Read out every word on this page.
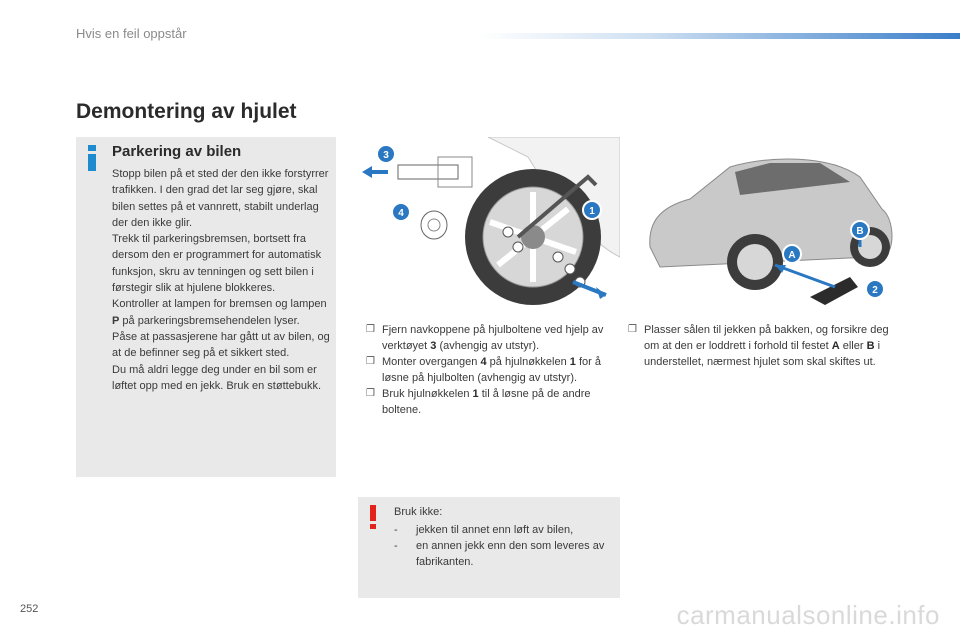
Hvis en feil oppstår
Demontering av hjulet
Parkering av bilen

Stopp bilen på et sted der den ikke forstyrrer trafikken. I den grad det lar seg gjøre, skal bilen settes på et vannrett, stabilt underlag der den ikke glir.

Trekk til parkeringsbremsen, bortsett fra dersom den er programmert for automatisk funksjon, skru av tenningen og sett bilen i førstegir slik at hjulene blokkeres.

Kontroller at lampen for bremsen og lampen P på parkeringsbremsehendelen lyser.

Påse at passasjerene har gått ut av bilen, og at de befinner seg på et sikkert sted.

Du må aldri legge deg under en bil som er løftet opp med en jekk. Bruk en støttebukk.

3
4	1
A
B
2
❒ Fjern navkoppene på hjulboltene ved hjelp av verktøyet 3 (avhengig av utstyr).
❒ Monter overgangen 4 på hjulnøkkelen 1 for å løsne på hjulbolten (avhengig av utstyr).
❒ Bruk hjulnøkkelen 1 til å løsne på de andre boltene.
❒ Plasser sålen til jekken på bakken, og forsikre deg om at den er loddrett i forhold til festet A eller B i understellet, nærmest hjulet som skal skiftes ut.

Bruk ikke:

- jekken til annet enn løft av bilen,
- en annen jekk enn den som leveres av fabrikanten.
252	carmanualsonline.info
